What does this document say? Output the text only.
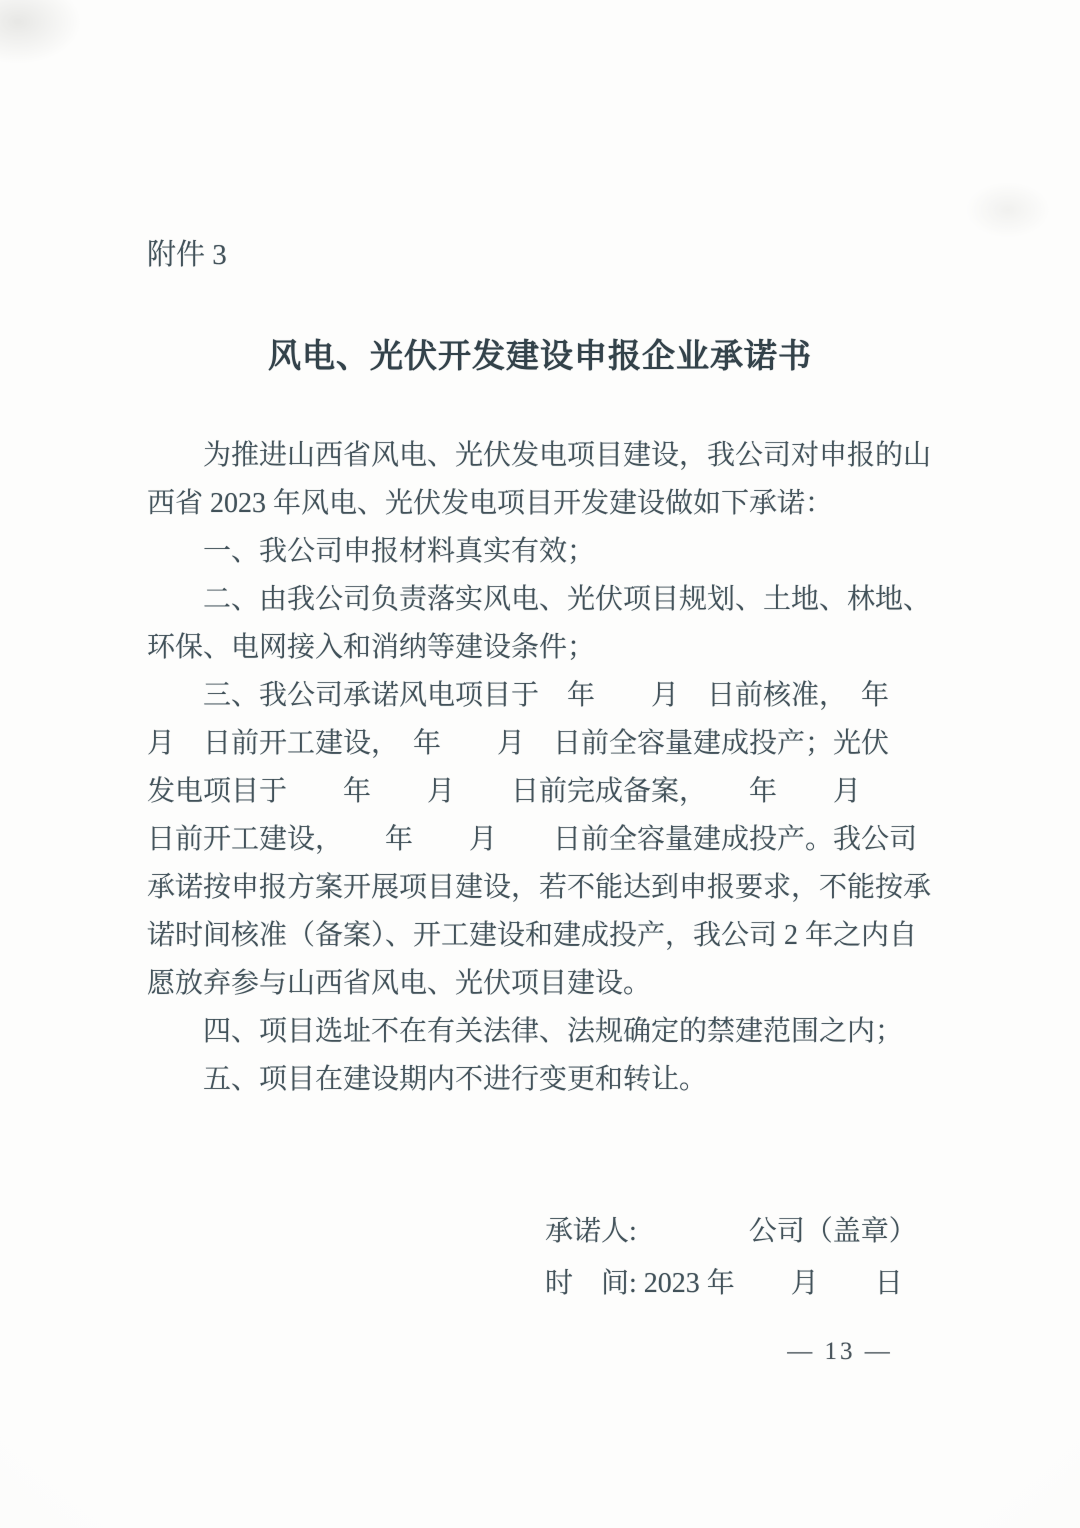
附件 3
风电、光伏开发建设申报企业承诺书
为推进山西省风电、光伏发电项目建设，我公司对申报的山
西省 2023 年风电、光伏发电项目开发建设做如下承诺：
一、我公司申报材料真实有效；
二、由我公司负责落实风电、光伏项目规划、土地、林地、
环保、电网接入和消纳等建设条件；
三、我公司承诺风电项目于　年　　月　日前核准，　年
月　日前开工建设，　年　　月　日前全容量建成投产；光伏
发电项目于　　年　　月　　日前完成备案，　　年　　月
日前开工建设，　　年　　月　　日前全容量建成投产。我公司
承诺按申报方案开展项目建设，若不能达到申报要求，不能按承
诺时间核准（备案）、开工建设和建成投产，我公司 2 年之内自
愿放弃参与山西省风电、光伏项目建设。
四、项目选址不在有关法律、法规确定的禁建范围之内；
五、项目在建设期内不进行变更和转让。
承诺人:　　　　公司（盖章）
时　间: 2023 年　　月　　日
— 13 —
